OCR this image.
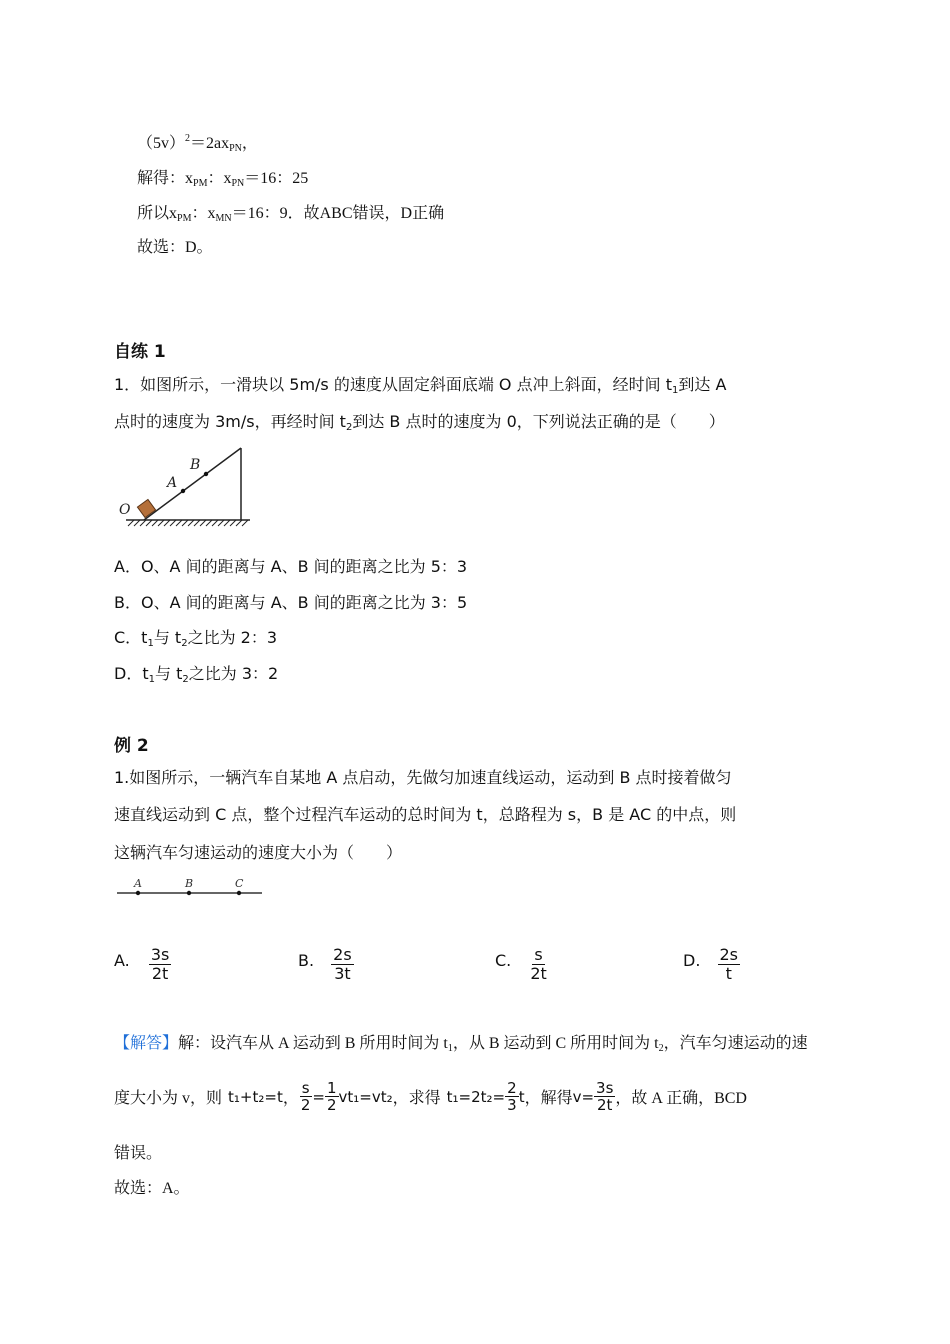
$(5v)^2=2ax_{PN}$，
解得：$x_{PM}$：$x_{PN}=16$：25
所以$x_{PM}$：$x_{MN}=16$：9．故ABC错误，D正确
故选：D。
自练 1
1．如图所示，一滑块以 5m/s 的速度从固定斜面底端 O 点冲上斜面，经时间 $t_1$到达 A
点时的速度为 3m/s，再经时间 $t_2$到达 B 点时的速度为 0，下列说法正确的是（　　）
O
A
B
A．O、A 间的距离与 A、B 间的距离之比为 5：3
B．O、A 间的距离与 A、B 间的距离之比为 3：5
C．$t_1$与 $t_2$之比为 2：3
D．$t_1$与 $t_2$之比为 3：2
例 2
1.如图所示，一辆汽车自某地 A 点启动，先做匀加速直线运动，运动到 B 点时接着做匀
速直线运动到 C 点，整个过程汽车运动的总时间为 t，总路程为 s，B 是 AC 的中点，则
这辆汽车匀速运动的速度大小为（　　）
A	B	C
A. $\frac{3s}{2t}$	B. $\frac{2s}{3t}$	C. $\frac{s}{2t}$	D. $\frac{2s}{t}$
【解答】解：设汽车从 A 运动到 B 所用时间为 $t_1$，从 B 运动到 C 所用时间为 $t_2$，汽车匀速运动的速
度大小为 v，则 t₁+t₂=t ， $\frac{s}{2} = \frac{1}{2} vt_1=vt_2$ ，求得 $t_1=2t_2= \frac{2}{3}$ t ，解得 $v= \frac{3s}{2t}$ ，故 A 正确，BCD
错误。
故选：A。
